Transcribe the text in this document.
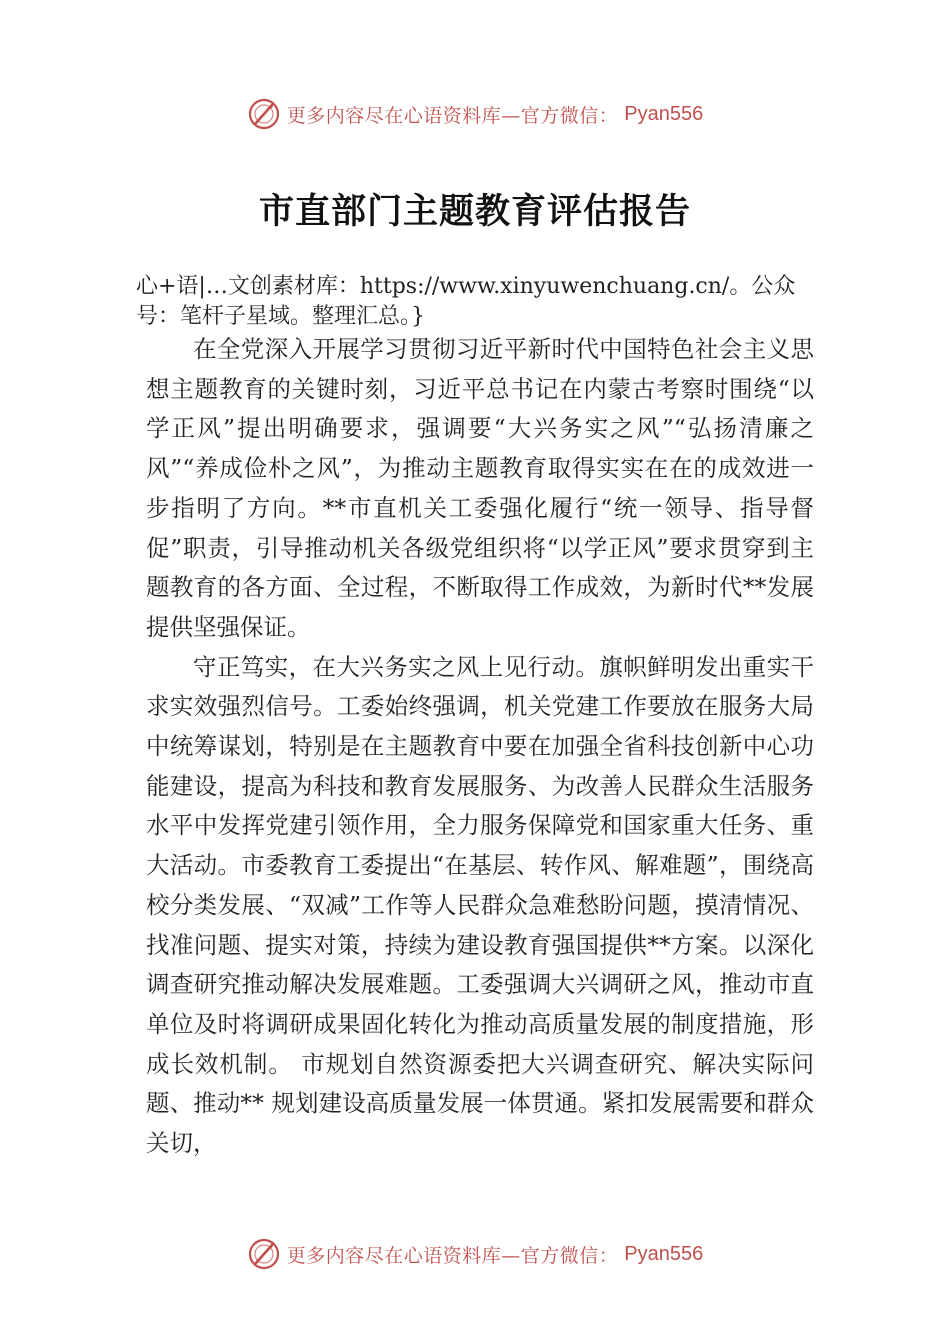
更多内容尽在心语资料库—官方微信： Pyan556
市直部门主题教育评估报告
心+语|…文创素材库：https://www.xinyuwenchuang.cn/。公众号：笔杆子星域。整理汇总。}

在全党深入开展学习贯彻习近平新时代中国特色社会主义思想主题教育的关键时刻，习近平总书记在内蒙古考察时围绕“以学正风”提出明确要求，强调要“大兴务实之风”“弘扬清廉之风”“养成俭朴之风”，为推动主题教育取得实实在在的成效进一步指明了方向。**市直机关工委强化履行“统一领导、指导督促”职责，引导推动机关各级党组织将“以学正风”要求贯穿到主题教育的各方面、全过程，不断取得工作成效，为新时代**发展提供坚强保证。

守正笃实，在大兴务实之风上见行动。旗帜鲜明发出重实干求实效强烈信号。工委始终强调，机关党建工作要放在服务大局中统筹谋划，特别是在主题教育中要在加强全省科技创新中心功能建设，提高为科技和教育发展服务、为改善人民群众生活服务水平中发挥党建引领作用，全力服务保障党和国家重大任务、重大活动。市委教育工委提出“在基层、转作风、解难题”，围绕高校分类发展、“双减”工作等人民群众急难愁盼问题，摸清情况、找准问题、提实对策，持续为建设教育强国提供**方案。以深化调查研究推动解决发展难题。工委强调大兴调研之风，推动市直单位及时将调研成果固化转化为推动高质量发展的制度措施，形成长效机制。 市规划自然资源委把大兴调查研究、解决实际问题、推动** 规划建设高质量发展一体贯通。紧扣发展需要和群众关切，

更多内容尽在心语资料库—官方微信： Pyan556
